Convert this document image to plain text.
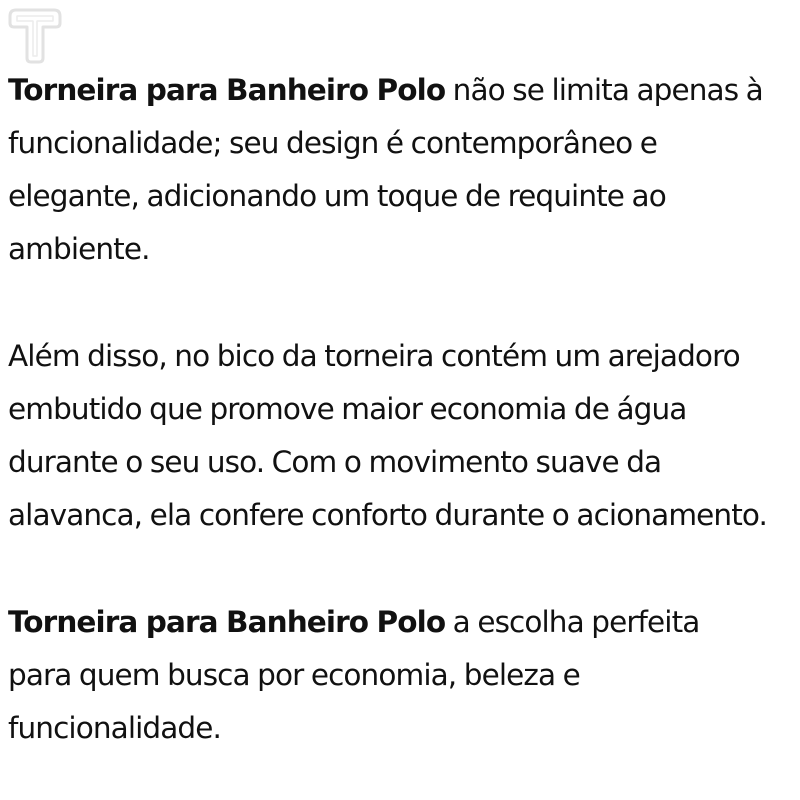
Torneira para Banheiro Polo não se limita apenas à funcionalidade; seu design é contemporâneo e elegante, adicionando um toque de requinte ao ambiente.

Além disso, no bico da torneira contém um arejadoro embutido que promove maior economia de água durante o seu uso. Com o movimento suave da alavanca, ela confere conforto durante o acionamento.

Torneira para Banheiro Polo a escolha perfeita para quem busca por economia, beleza e funcionalidade.
